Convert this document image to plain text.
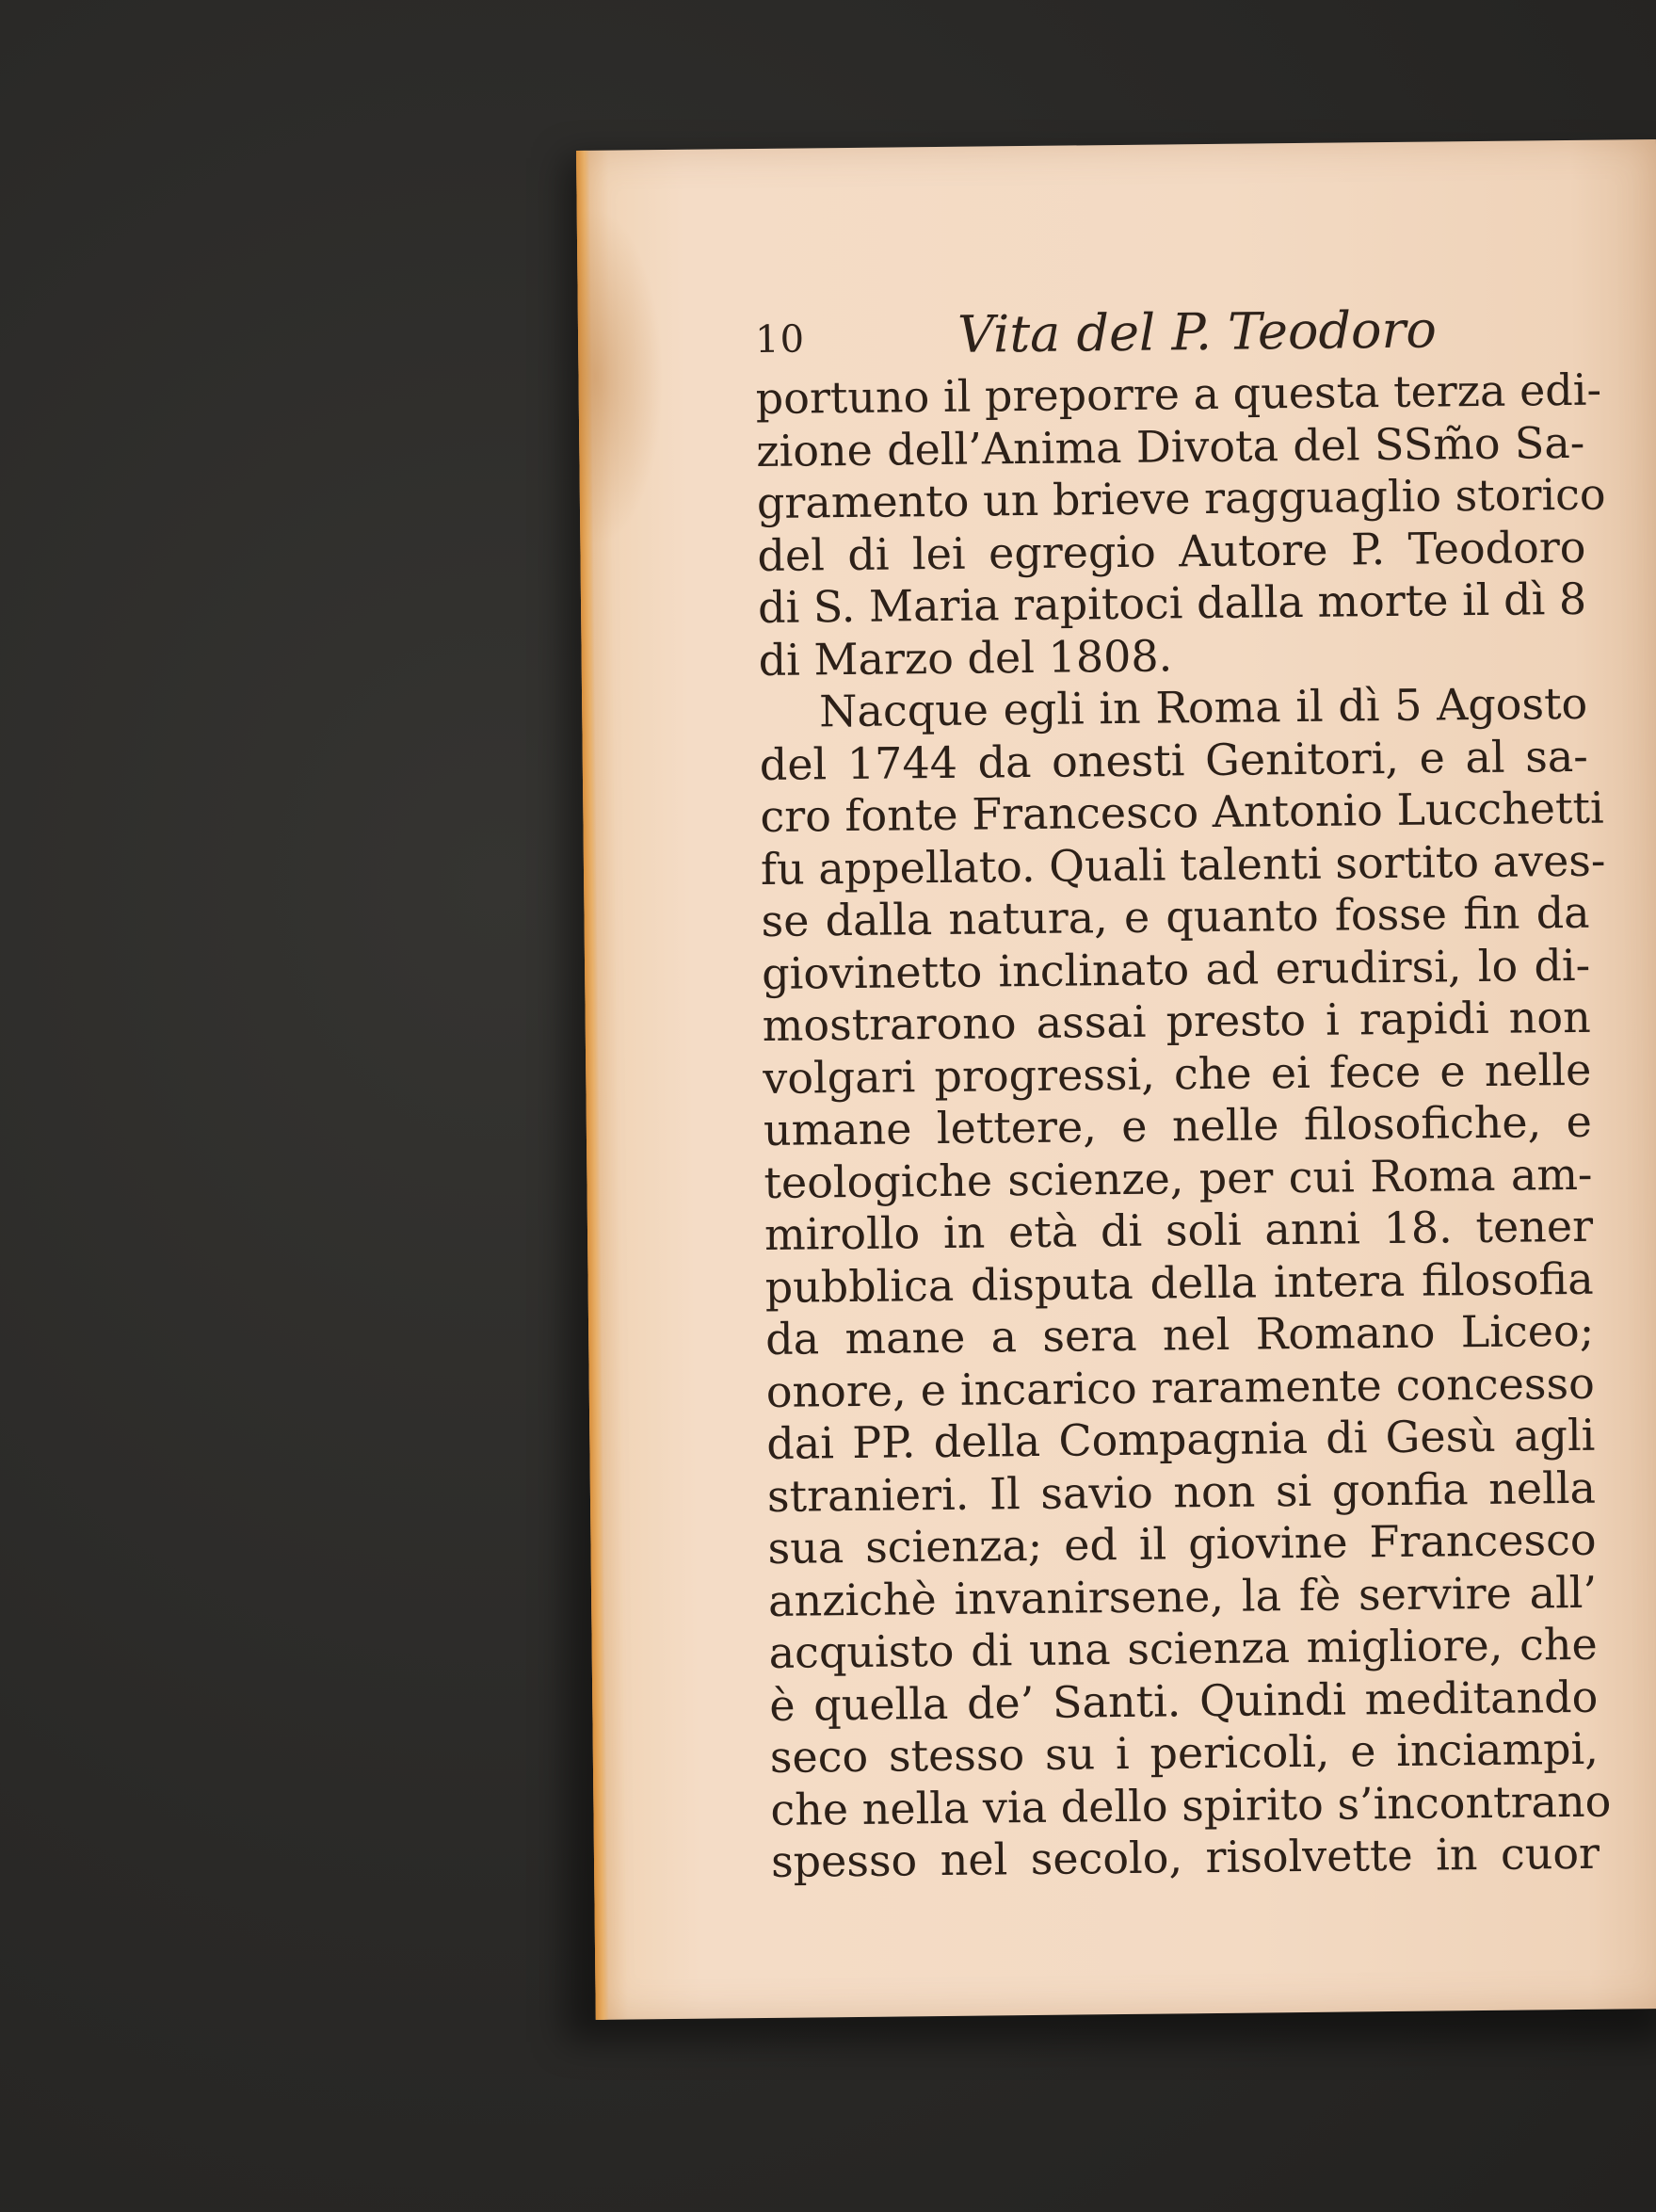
10	Vita del P. Teodoro
portuno il preporre a questa terza edi-
zione dell’Anima Divota del SSm̃o Sa-
gramento un brieve ragguaglio storico
del di lei egregio Autore P. Teodoro
di S. Maria rapitoci dalla morte il dì 8
di Marzo del 1808.
Nacque egli in Roma il dì 5 Agosto
del 1744 da onesti Genitori, e al sa-
cro fonte Francesco Antonio Lucchetti
fu appellato. Quali talenti sortito aves-
se dalla natura, e quanto fosse fin da
giovinetto inclinato ad erudirsi, lo di-
mostrarono assai presto i rapidi non
volgari progressi, che ei fece e nelle
umane lettere, e nelle filosofiche, e
teologiche scienze, per cui Roma am-
mirollo in età di soli anni 18. tener
pubblica disputa della intera filosofia
da mane a sera nel Romano Liceo;
onore, e incarico raramente concesso
dai PP. della Compagnia di Gesù agli
stranieri. Il savio non si gonfia nella
sua scienza; ed il giovine Francesco
anzichè invanirsene, la fè servire all’
acquisto di una scienza migliore, che
è quella de’ Santi. Quindi meditando
seco stesso su i pericoli, e inciampi,
che nella via dello spirito s’incontrano
spesso nel secolo, risolvette in cuor
